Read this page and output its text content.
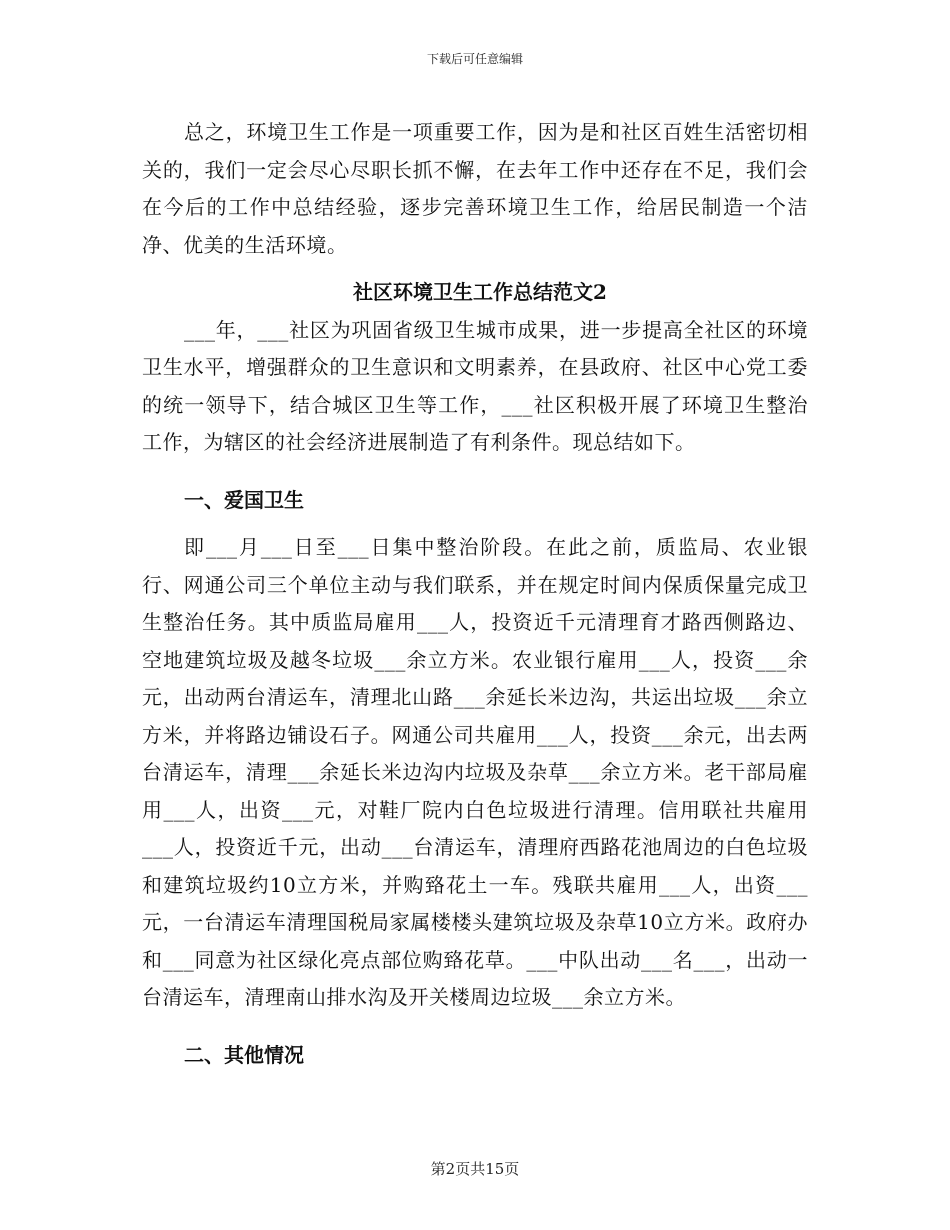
下载后可任意编辑

总之，环境卫生工作是一项重要工作，因为是和社区百姓生活密切相关的，我们一定会尽心尽职长抓不懈，在去年工作中还存在不足，我们会在今后的工作中总结经验，逐步完善环境卫生工作，给居民制造一个洁净、优美的生活环境。

社区环境卫生工作总结范文2

___年，___社区为巩固省级卫生城市成果，进一步提高全社区的环境卫生水平，增强群众的卫生意识和文明素养，在县政府、社区中心党工委的统一领导下，结合城区卫生等工作，___社区积极开展了环境卫生整治工作，为辖区的社会经济进展制造了有利条件。现总结如下。

一、爱国卫生

即___月___日至___日集中整治阶段。在此之前，质监局、农业银行、网通公司三个单位主动与我们联系，并在规定时间内保质保量完成卫生整治任务。其中质监局雇用___人，投资近千元清理育才路西侧路边、空地建筑垃圾及越冬垃圾___余立方米。农业银行雇用___人，投资___余元，出动两台清运车，清理北山路___余延长米边沟，共运出垃圾___余立方米，并将路边铺设石子。网通公司共雇用___人，投资___余元，出去两台清运车，清理___余延长米边沟内垃圾及杂草___余立方米。老干部局雇用___人，出资___元，对鞋厂院内白色垃圾进行清理。信用联社共雇用___人，投资近千元，出动___台清运车，清理府西路花池周边的白色垃圾和建筑垃圾约10立方米，并购臵花土一车。残联共雇用___人，出资___元，一台清运车清理国税局家属楼楼头建筑垃圾及杂草10立方米。政府办和___同意为社区绿化亮点部位购臵花草。___中队出动___名___，出动一台清运车，清理南山排水沟及开关楼周边垃圾___余立方米。

二、其他情况
第2页共15页
